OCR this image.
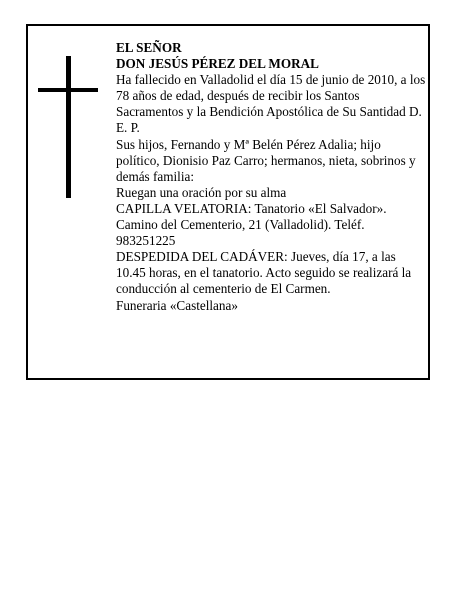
EL SEÑOR

DON JESÚS PÉREZ DEL MORAL

Ha fallecido en Valladolid el día 15 de junio de 2010, a los 78 años de edad, después de recibir los Santos Sacramentos y la Bendición Apostólica de Su Santidad D. E. P.

Sus hijos, Fernando y Mª Belén Pérez Adalia; hijo político, Dionisio Paz Carro; hermanos, nieta, sobrinos y demás familia:

Ruegan una oración por su alma

CAPILLA VELATORIA: Tanatorio «El Salvador». Camino del Cementerio, 21 (Valladolid). Teléf. 983251225

DESPEDIDA DEL CADÁVER: Jueves, día 17, a las 10.45 horas, en el tanatorio. Acto seguido se realizará la conducción al cementerio de El Carmen.

Funeraria «Castellana»
